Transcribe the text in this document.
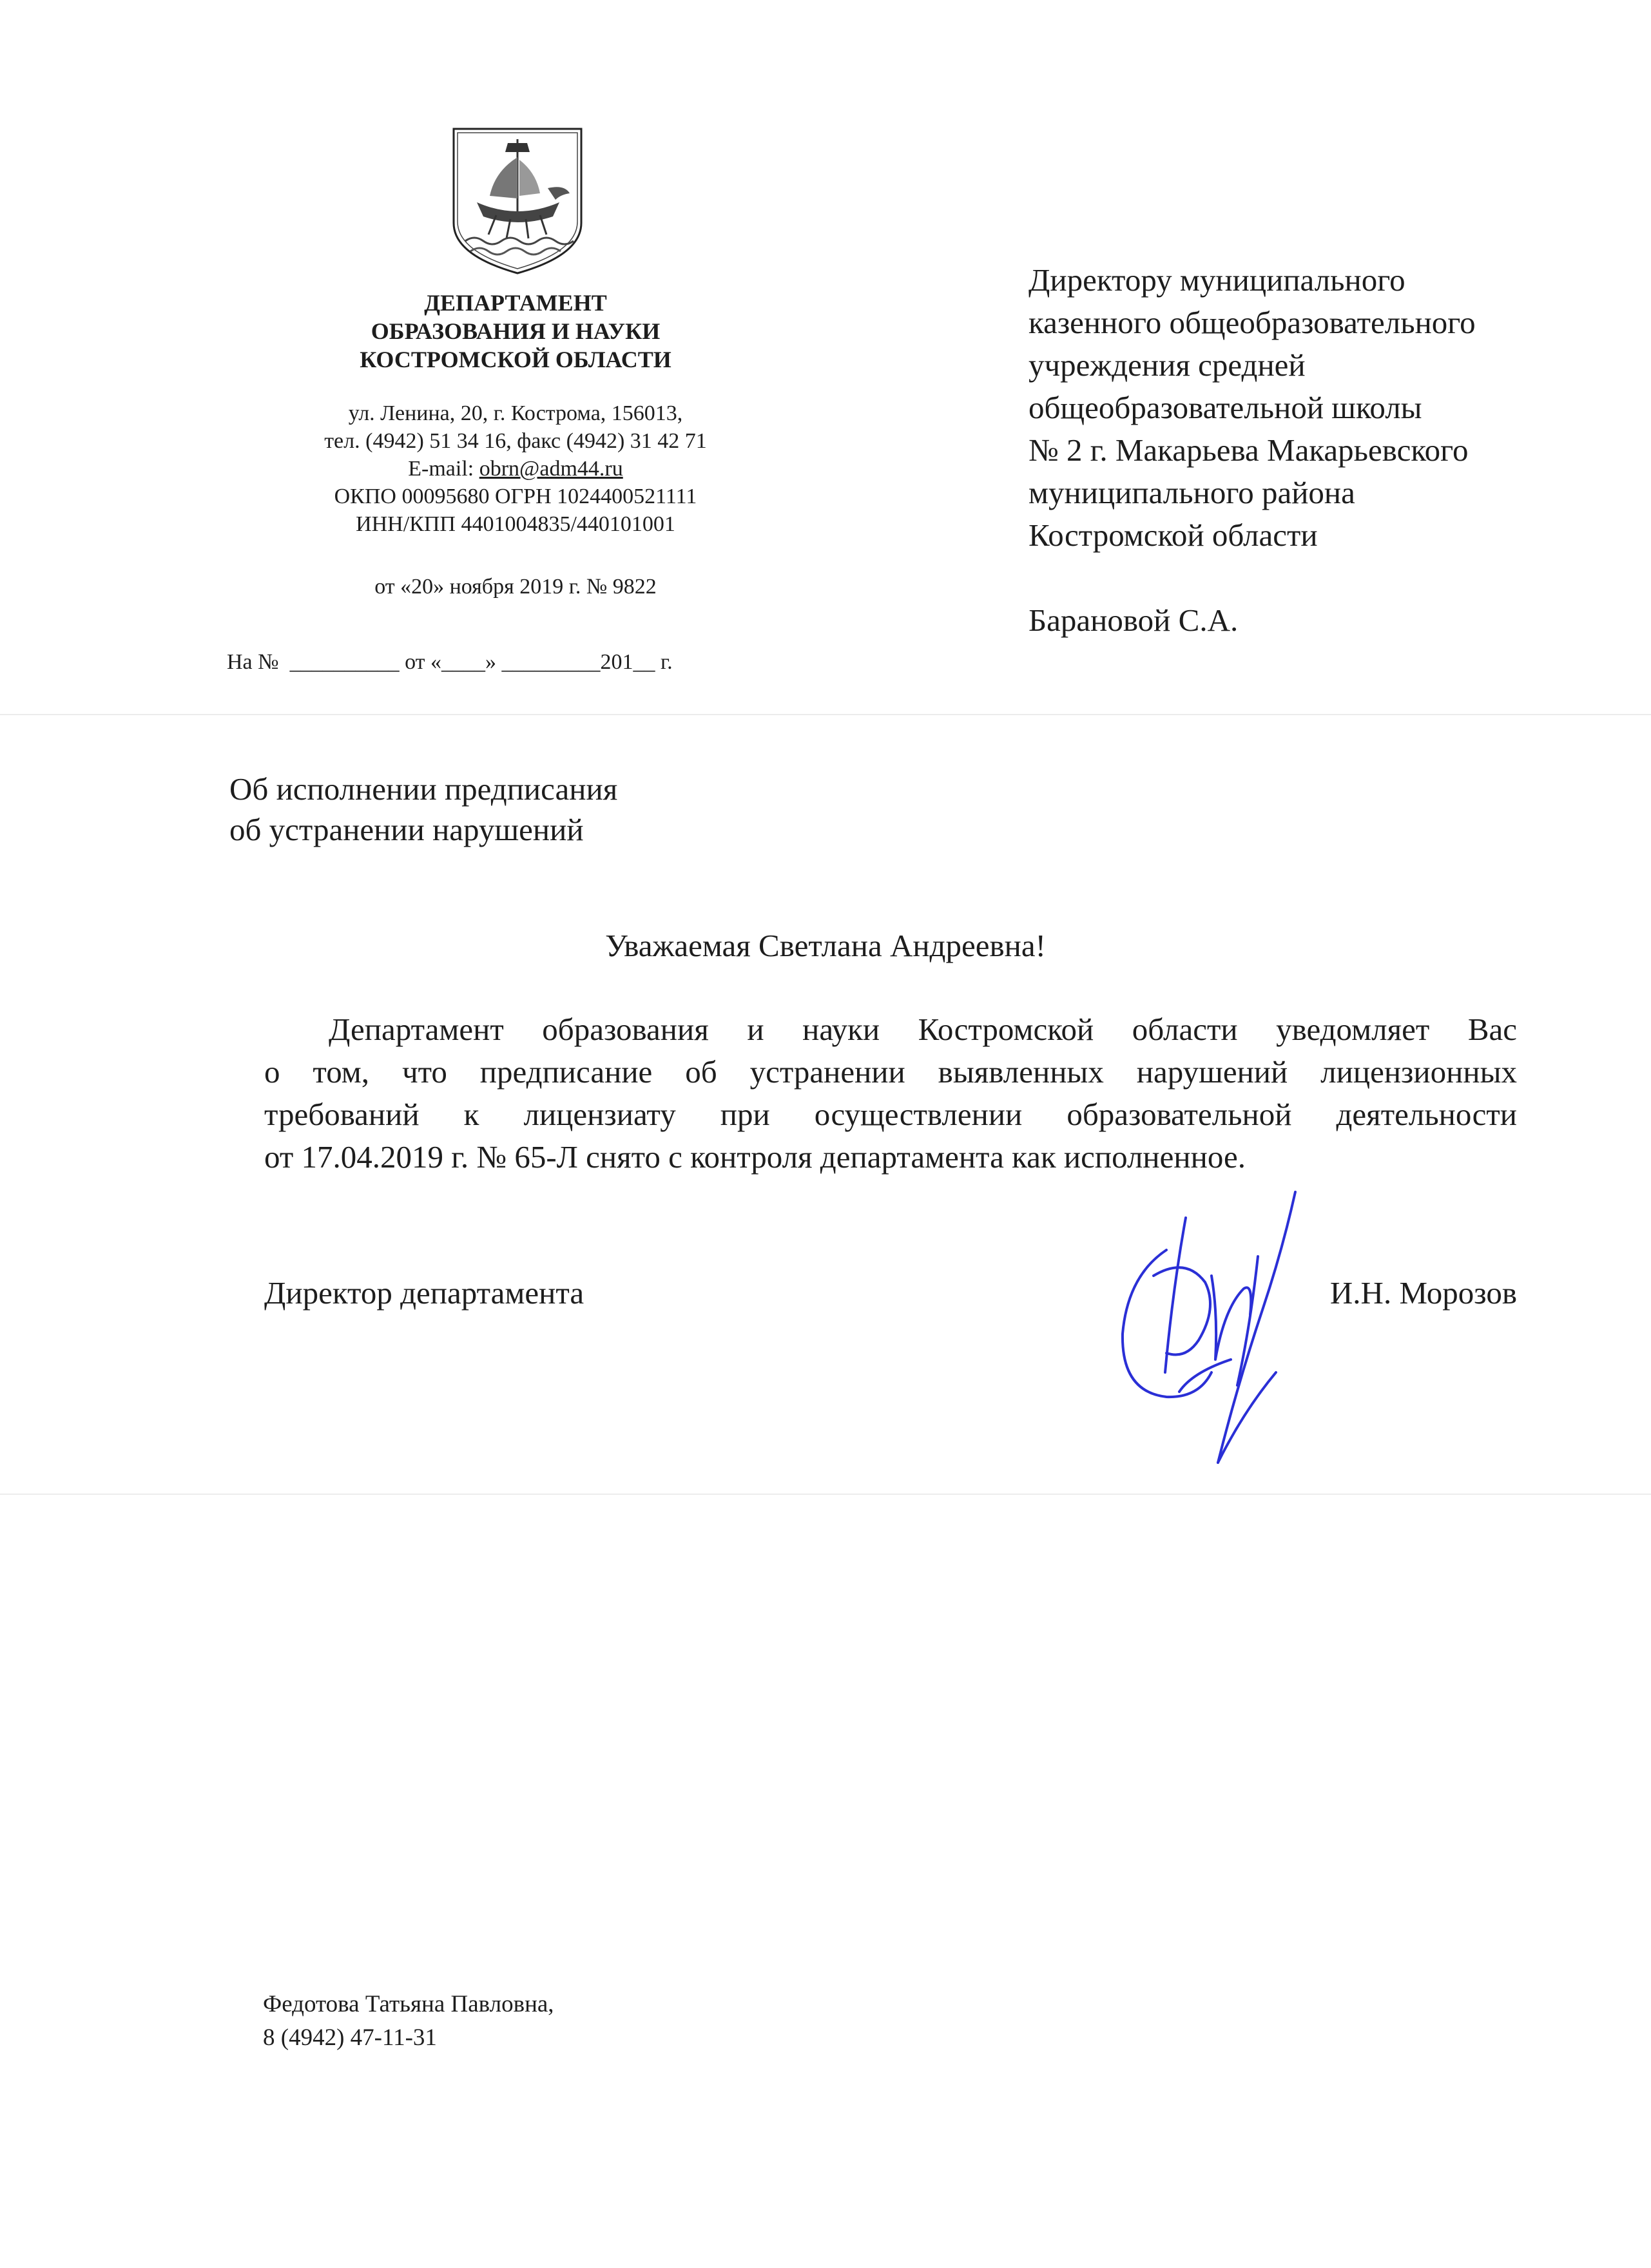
ДЕПАРТАМЕНТ
ОБРАЗОВАНИЯ И НАУКИ
КОСТРОМСКОЙ ОБЛАСТИ
ул. Ленина, 20, г. Кострома, 156013,
тел. (4942) 51 34 16, факс (4942) 31 42 71
E-mail: obrn@adm44.ru
ОКПО 00095680 ОГРН 1024400521111
ИНН/КПП 4401004835/440101001
от «20» ноября 2019 г. № 9822
На №  __________ от «____» _________201__ г.
Директору муниципального
казенного общеобразовательного
учреждения средней
общеобразовательной школы
№ 2 г. Макарьева Макарьевского
муниципального района
Костромской области
Барановой С.А.
Об исполнении предписания
об устранении нарушений
Уважаемая Светлана Андреевна!
Департамент образования и науки Костромской области уведомляет Вас
о том, что предписание об устранении выявленных нарушений лицензионных
требований к лицензиату при осуществлении образовательной деятельности
от 17.04.2019 г. № 65-Л снято с контроля департамента как исполненное.
Директор департамента	И.Н. Морозов
Федотова Татьяна Павловна,
8 (4942) 47-11-31
